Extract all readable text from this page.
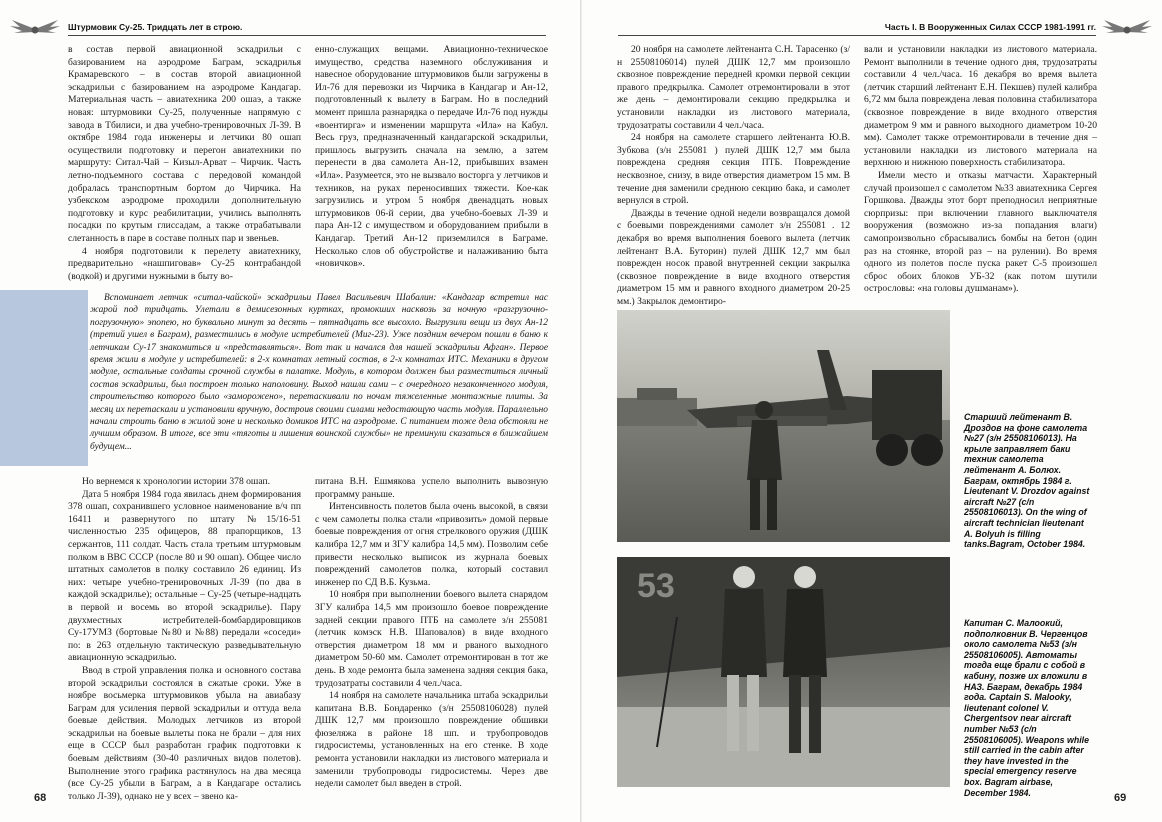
Штурмовик Су-25. Тридцать лет в строю.	Часть I. В Вооруженных Силах СССР 1981-1991 гг.

в состав первой авиационной эскадрильи с базированием на аэродроме Баграм, эскадрилья Крамаревского – в состав второй авиационной эскадрильи с базированием на аэродроме Кандагар. Материальная часть – авиатехника 200 ошаэ, а также новая: штурмовики Су-25, полученные напрямую с завода в Тбилиси, и два учебно-тренировочных Л-39. В октябре 1984 года инженеры и летчики 80 ошап осуществили подготовку и перегон авиатехники по маршруту: Ситал-Чай – Кизыл-Арват – Чирчик. Часть летно-подъемного состава с передовой командой добралась транспортным бортом до Чирчика. На узбекском аэродроме проходили дополнительную подготовку и курс реабилитации, учились выполнять посадки по крутым глиссадам, а также отрабатывали слетанность в паре в составе полных пар и звеньев.

4 ноября подготовили к перелету авиатехнику, предварительно «нашпиговав» Су-25 контрабандой (водкой) и другими нужными в быту во-

енно-служащих вещами. Авиационно-техническое имущество, средства наземного обслуживания и навесное оборудование штурмовиков были загружены в Ил-76 для перевозки из Чирчика в Кандагар и Ан-12, подготовленный к вылету в Баграм. Но в последний момент пришла разнарядка о передаче Ил-76 под нужды «воентирга» и изменении маршрута «Ила» на Кабул. Весь груз, предназначенный кандагарской эскадрильи, пришлось выгрузить сначала на землю, а затем перенести в два самолета Ан-12, прибывших взамен «Ила». Разумеется, это не вызвало восторга у летчиков и техников, на руках переносивших тяжести. Кое-как загрузились и утром 5 ноября двенадцать новых штурмовиков 06-й серии, два учебно-боевых Л-39 и пара Ан-12 с имуществом и оборудованием прибыли в Кандагар. Третий Ан-12 приземлился в Баграме. Несколько слов об обустройстве и налаживанию быта «новичков».

Вспоминает летчик «ситал-чайской» эскадрильи Павел Васильевич Шабалин: «Кандагар встретил нас жарой под тридцать. Улетали в демисезонных куртках, промокших насквозь за ночную «разгрузочно-погрузочную» эпопею, но буквально минут за десять – пятнадцать все высохло. Выгрузили вещи из двух Ан-12 (третий ушел в Баграм), разместились в модуле истребителей (Миг-23). Уже поздним вечером пошли в баню к летчикам Су-17 знакомиться и «представляться». Вот так и начался для нашей эскадрильи Афган». Первое время жили в модуле у истребителей: в 2-х комнатах летный состав, в 2-х комнатах ИТС. Механики в другом модуле, остальные солдаты срочной службы в палатке. Модуль, в котором должен был разместиться личный состав эскадрильи, был построен только наполовину. Выход нашли сами – с очередного незаконченного модуля, строительство которого было «заморожено», перетаскивали по ночам тяжеленные монтажные плиты. За месяц их перетаскали и установили вручную, достроив своими силами недостающую часть модуля. Параллельно начали строить баню в жилой зоне и несколько домиков ИТС на аэродроме. С питанием тоже дела обстояли не лучшим образом. В итоге, все эти «тяготы и лишения воинской службы» не преминули сказаться в ближайшем будущем...

Но вернемся к хронологии истории 378 ошап.

Дата 5 ноября 1984 года явилась днем формирования 378 ошап, сохранившего условное наименование в/ч пп 16411 и развернутого по штату №15/16-51 численностью 235 офицеров, 88 прапорщиков, 13 сержантов, 111 солдат. Часть стала третьим штурмовым полком в ВВС СССР (после 80 и 90 ошап). Общее число штатных самолетов в полку составило 26 единиц. Из них: четыре учебно-тренировочных Л-39 (по два в каждой эскадрилье); остальные – Су-25 (четыре-надцать в первой и восемь во второй эскадрилье). Пару двухместных истребителей-бомбардировщиков Су-17УМЗ (бортовые №80 и №88) передали «соседи» по: в 263 отдельную тактическую разведывательную авиационную эскадрилью.

Ввод в строй управления полка и основного состава второй эскадрильи состоялся в сжатые сроки. Уже в ноябре восьмерка штурмовиков убыла на авиабазу Баграм для усиления первой эскадрильи и оттуда вела боевые действия. Молодых летчиков из второй эскадрильи на боевые вылеты пока не брали – для них еще в СССР был разработан график подготовки к боевым действиям (30-40 различных видов полетов). Выполнение этого графика растянулось на два месяца (все Су-25 убыли в Баграм, а в Кандагаре остались только Л-39), однако не у всех – звено ка-

питана В.Н. Ешмякова успело выполнить вывозную программу раньше.

Интенсивность полетов была очень высокой, в связи с чем самолеты полка стали «привозить» домой первые боевые повреждения от огня стрелкового оружия (ДШК калибра 12,7 мм и ЗГУ калибра 14,5 мм). Позволим себе привести несколько выписок из журнала боевых повреждений самолетов полка, который составил инженер по СД В.Б. Кузьма.

10 ноября при выполнении боевого вылета снарядом ЗГУ калибра 14,5 мм произошло боевое повреждение задней секции правого ПТБ на самолете з/н 255081 (летчик комэск Н.В. Шаповалов) в виде входного отверстия диаметром 18 мм и рваного выходного диаметром 50-60 мм. Самолет отремонтирован в тот же день. В ходе ремонта была заменена задняя секция бака, трудозатраты составили 4 чел./часа.

14 ноября на самолете начальника штаба эскадрильи капитана В.В. Бондаренко (з/н 25508106028) пулей ДШК 12,7 мм произошло повреждение обшивки фюзеляжа в районе 18 шп. и трубопроводов гидросистемы, установленных на его стенке. В ходе ремонта установили накладки из листового материала и заменили трубопроводы гидросистемы. Через две недели самолет был введен в строй.

20 ноября на самолете лейтенанта С.Н. Тарасенко (з/н 25508106014) пулей ДШК 12,7 мм произошло сквозное повреждение передней кромки первой секции правого предкрылка. Самолет отремонтировали в этот же день – демонтировали секцию предкрылка и установили накладки из листового материала, трудозатраты составили 4 чел./часа.

24 ноября на самолете старшего лейтенанта Ю.В. Зубкова (з/н 255081 ) пулей ДШК 12,7 мм была повреждена средняя секция ПТБ. Повреждение несквозное, снизу, в виде отверстия диаметром 15 мм. В течение дня заменили среднюю секцию бака, и самолет вернулся в строй.

Дважды в течение одной недели возвращался домой с боевыми повреждениями самолет з/н 255081 . 12 декабря во время выполнения боевого вылета (летчик лейтенант В.А. Буторин) пулей ДШК 12,7 мм был поврежден носок правой внутренней секции закрылка (сквозное повреждение в виде входного отверстия диаметром 15 мм и равного входного диаметром 20-25 мм.) Закрылок демонтиро-

вали и установили накладки из листового материала. Ремонт выполнили в течение одного дня, трудозатраты составили 4 чел./часа. 16 декабря во время вылета (летчик старший лейтенант Е.Н. Пекшев) пулей калибра 6,72 мм была повреждена левая половина стабилизатора (сквозное повреждение в виде входного отверстия диаметром 9 мм и равного выходного диаметром 10-20 мм). Самолет также отремонтировали в течение дня – установили накладки из листового материала на верхнюю и нижнюю поверхность стабилизатора.

Имели место и отказы матчасти. Характерный случай произошел с самолетом №33 авиатехника Сергея Горшкова. Дважды этот борт преподносил неприятные сюрпризы: при включении главного выключателя вооружения (возможно из-за попадания влаги) самопроизвольно сбрасывались бомбы на бетон (один раз на стоянке, второй раз – на рулении). Во время одного из полетов после пуска ракет С-5 произошел сброс обоих блоков УБ-32 (как потом шутили острословы: «на головы душманам»).

53
Старший лейтенант В. Дроздов на фоне самолета №27 (з/н 25508106013). На крыле заправляет баки техник самолета лейтенант А. Болюх. Баграм, октябрь 1984 г. Lieutenant V. Drozdov against aircraft №27 (c/n 25508106013). On the wing of aircraft technician lieutenant A. Bolyuh is filling tanks.Bagram, October 1984.
Капитан С. Малоокий, подполковник В. Чергенцов около самолета №53 (з/н 25508106005). Автоматы тогда еще брали с собой в кабину, позже их вложили в НАЗ. Баграм, декабрь 1984 года. Captain S. Malooky, lieutenant colonel V. Chergentsov near aircraft number №53 (c/n 25508106005). Weapons while still carried in the cabin after they have invested in the special emergency reserve box. Bagram airbase, December 1984.
68	69
